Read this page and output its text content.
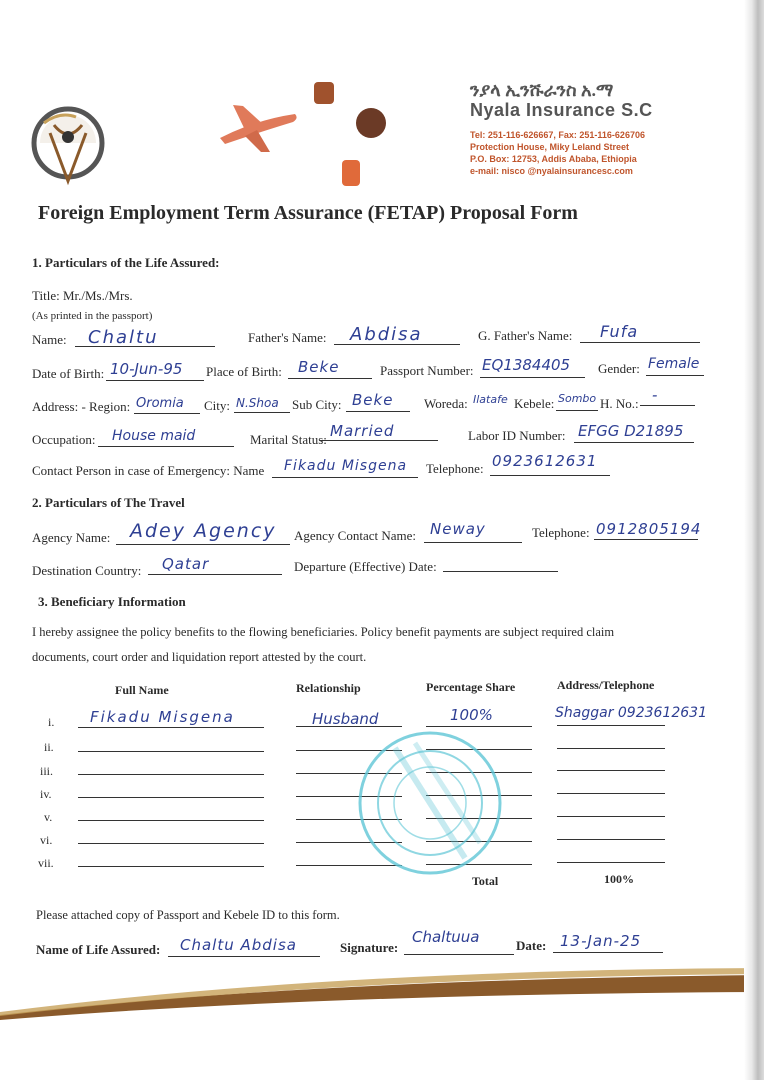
ንያላ ኢንሹራንስ አ.ማ
Nyala Insurance S.C
Tel: 251-116-626667, Fax: 251-116-626706
Protection House, Miky Leland Street
P.O. Box: 12753, Addis Ababa, Ethiopia
e-mail: nisco @nyalainsurancesc.com
Foreign Employment Term Assurance (FETAP) Proposal Form
1. Particulars of the Life Assured:
Title: Mr./Ms./Mrs.
(As printed in the passport)
Name: Chaltu	Father's Name: Abdisa	G. Father's Name: Fufa
Date of Birth: 10-Jun-95 Place of Birth: Beke	Passport Number: EQ1384405 Gender: Female
Address: - Region: Oromia City: N.Shoa Sub City: Beke Woreda: Ilatafe Kebele: Sombo H. No.: -
Occupation: House maid	Marital Status: Married	Labor ID Number: EFGG D21895
Contact Person in case of Emergency: Name Fikadu Misgena Telephone: 0923612631
2. Particulars of The Travel
Agency Name: Adey Agency Agency Contact Name: Neway	Telephone: 0912805194
Destination Country: Qatar	Departure (Effective) Date:
3. Beneficiary Information
I hereby assignee the policy benefits to the flowing beneficiaries. Policy benefit payments are subject required claim
documents, court order and liquidation report attested by the court.
Full Name	Relationship	Percentage Share	Address/Telephone
i. Fikadu Misgena	Husband	100%	Shaggar 0923612631
ii.
iii.
iv.
v.
vi.
vii.
Total	100%
Please attached copy of Passport and Kebele ID to this form.
Name of Life Assured: Chaltu Abdisa	Signature:
Chaltuua	Date: 13-Jan-25
